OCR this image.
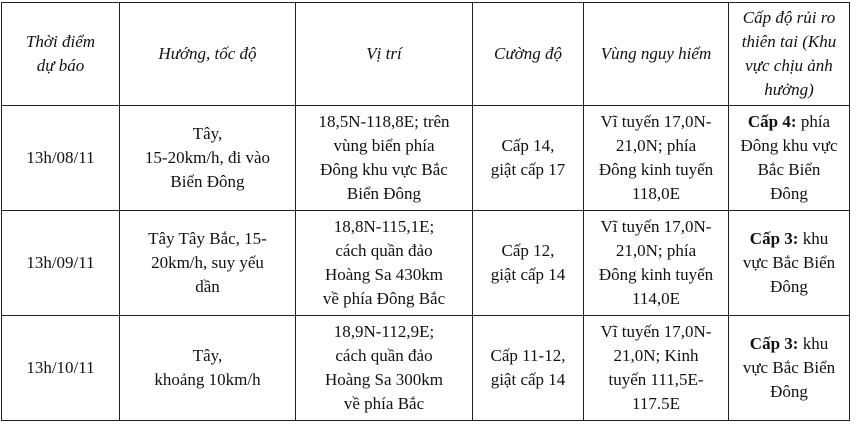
Thời điểm
dự báo	Hướng, tốc độ	Vị trí	Cường độ	Vùng nguy hiểm	Cấp độ rủi ro
thiên tai (Khu
vực chịu ảnh
hưởng)
13h/08/11	Tây,
15-20km/h, đi vào
Biển Đông	18,5N-118,8E; trên
vùng biển phía
Đông khu vực Bắc
Biển Đông	Cấp 14,
giật cấp 17	Vĩ tuyến 17,0N-
21,0N; phía
Đông kinh tuyến
118,0E	Cấp 4: phía
Đông khu vực
Bắc Biển
Đông
13h/09/11	Tây Tây Bắc, 15-
20km/h, suy yếu
dần	18,8N-115,1E;
cách quần đảo
Hoàng Sa 430km
về phía Đông Bắc	Cấp 12,
giật cấp 14	Vĩ tuyến 17,0N-
21,0N; phía
Đông kinh tuyến
114,0E	Cấp 3: khu
vực Bắc Biển
Đông
13h/10/11	Tây,
khoảng 10km/h	18,9N-112,9E;
cách quần đảo
Hoàng Sa 300km
về phía Bắc	Cấp 11-12,
giật cấp 14	Vĩ tuyến 17,0N-
21,0N; Kinh
tuyến 111,5E-
117.5E	Cấp 3: khu
vực Bắc Biển
Đông
